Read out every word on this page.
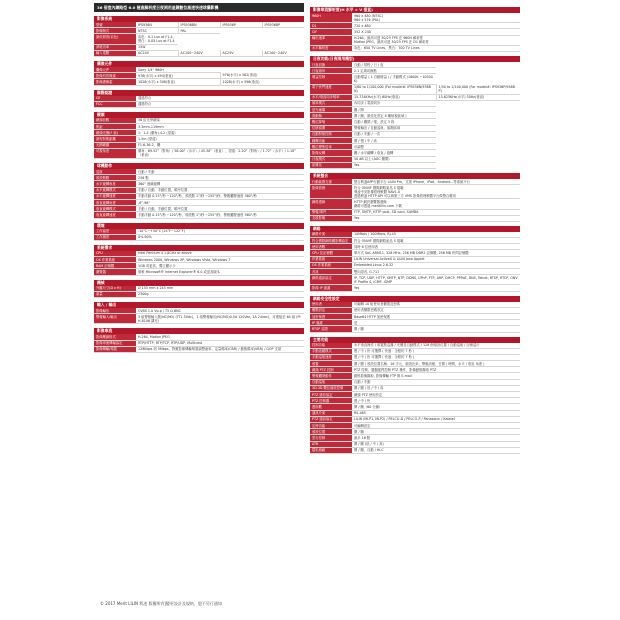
36 倍室內網路型 6.0 極高解析度日夜兩用星鏡數位高速快速球攝影機
影像系統
型號	IPS936N	IPS936BN	IPS936P	IPS936BP
影像制式	NTSC	PAL		
最低照度(彩色)	彩色：0.1 Lux at F1.4，黑白：0.05 Lux at F1.4			
消耗功率	15W			
輸入電壓	AC24V	AC100~240V	AC24V	AC100~240V
攝像元件
攝像元件	Sony 1/4" 960H	
影像有效像素	976(水平) x 494(垂直)	976(水平) x 582(垂直)
影像總像素	1028(水平) x 508(垂直)	1028(水平) x 596(垂直)
國際認證
CE	通過符合
FCC	通過符合
鏡頭
鏡頭倍數	36 倍光學鏡頭
焦距	3.3mm-119mm
鏡頭光圈(F 值)	1：1.4 (廣角)-4.2 (望遠)
最短對焦距離	1.5m (望遠)
光圈範圍	F1.6-36.2，關
可視角度	廣角：69.52°（對角）/ 58.00°（水平）/ 45.30°（垂直），望遠：2.20°（對角）/ 1.72°（水平）/ 1.18°（垂直）
球機動作
巡航	自動 / 手動
預設點數	256 點
水平旋轉角度	360° 連續旋轉
水平旋轉模式	手動 / 自動，手動位置，順序位置
水平旋轉速度	手動手動 0.15°/秒 ~120°/秒，預設點 1°/秒 ~255°/秒，警報觸發速度 360°/秒
垂直旋轉角度	-6°-96°
垂直旋轉模式	手動 / 自動，手動位置，順序位置
垂直旋轉速度	手動手動 0.15°/秒 ~120°/秒，預設點 1°/秒 ~255°/秒，警報觸發速度 360°/秒
環境
工作溫度	-10°C~+50°C (14°F~122°F)
工作濕度	0%-90%
系統需求
CPU	Intel Pentium 4 1.8GHz or above
OS 作業系統	Windows 2000, Windows XP, Windows Vista, Windows 7
RAM 記憶體	1GB 或更高，獨立顯示卡
瀏覽器	微軟 Microsoft® Internet Explorer® 6.0 或更高版本
機械
外觀尺寸(D x H)	Ø 155 mm x 245 mm
重量	2300g
輸入 / 輸出
影像輸出	CVBS 1.0 Vp-p / 75 Ω BNC
警報輸入/輸出	3 組警報輸入點(NC/NO) (TTL 5Vdc)，1 組警報輸出(NC/NO)0.5A 120Vac, 1A 24vac)，可連接至 64 組 (PIH-8106 擴充)
影像串流
影像壓縮格式	H.264, Motion JPEG
影像串流傳輸協定	RTP/HTTP, RTP/TCP, RTP/UDP, Multicast
影像傳輸/頻寬	128Kbps 到 5Mbps，對應影像傳輸頻寬調整流率，定量碼率(CBR) / 動態碼率(VBR) / GOP 支援
影像串流解析度(H 水平 × V 垂直)
960H	960 x 480 (NTSC)
960 x 576 (PAL)
D1	720 x 480
CIF	352 X 240
輸出速率	H.264，最高可達 30/25 FPS 在 960H 解析度
Motion JPEG，最高可達 30/25 FPS 在 D1 解析度
水平解析度	彩色：650 TV Lines，黑白：700 TV Lines
日夜功能(日夜兩用機型)
日夜切換	自動 / 排程 / 日 / 夜	
日夜兩用	2.1 定義切換點	
增益控制	自動增益 ( 1 自動增益 ) / 手動模式 (1800K ~10500K)	
電子快門速度	1/60 to 1/100,000 (For model#: IPS936N/936BN)	1/50 to 1/100,000 (For model#: IPS936P/936BP)
水平/垂直同步頻率	15.734KHz(水平) 60Hz(垂直)	15.625KHz(水平) 50Hz(垂直)
傾斜模式	內同步 / 電源同步	
逆光補償	關 / 開	
寬動態	開 / 關，最佳化設定 8 種檢視區域 )	
數位降噪	自動 / 關閉 / 強，設定 3 段	
位移偵測	警報輸出 / 自動巡航，偵測區域	
自動對焦控制	自動 / 手動 / 一次	
翻轉功能	開 / 慢 / 中 / 高	
數位變焦倍率	可調整	
影像反轉	關 / 水平翻轉 / 垂直 / 旋轉	
日夜模式	50 dB 以上 (AGC 關閉)	
訊雜比	Yes	
系統整合
行動裝置支援	整合利凌APP行動平台 LILIN Pro，支援 iPhone、iPad、Android...等系統平台
影像管理	符合 ONVIF 國際網路產品 S 規範
利凌中央影像管理軟體 NAV1.0
透過利凌 HTTP API 可以與第三方 VMS 影像管理軟體平台做整合應用
網路連線	HTTP 網頁瀏覽器連線
網路可透過 meritlilin.com 下載
警報/事件	FTP, SMTP, HTTP post, SD card, SAMBA
支援影像	Yes
網路
網路介面	10Mbps / 100Mbps, RJ-45
符合國際網路攝影機協定	符合 ONVIF 國際網路產品 S 規範
使用者數	同時 8 位使用者
CPU 及記憶體	單片式 SoC ARM11, 528 MHz, 256 MB DDR2 記憶體, 256 MB 快閃記憶體
作業系統	LILIN Universal ActiveX & LILIN Java Applet
OS 作業系統	Embedded Linux 2.6.32
音訊	雙向語音, G.711
網路通訊協定	IP, TCP, UDP, HTTP, SMTP, NTP, DDNS, UPnP, FTP, ARP, DHCP, PPPoE, DNS, Telnet, RTSP, RTCP, ONVIF Profile S, ICMP, IGMP
影像 IP 過濾	Yes
網路安全性設定
使用者	可編輯 10 組使用者權限及密碼
權限設定	使用者權限密碼設定
加密保護	Base64 HTTP 加密保護
IP 過濾	是
RTSP 認證	開 / 關
主要功能
控制功能	水平垂直操作 / 預置點巡邏 / 光圈及自動模式 / 128 個預設位置 / 自動巡航 / 記憶巡行
手動追蹤模式	慢 / 中 / 快 可選擇 ( 快速：全程約 7 秒 )
手動巡航速度	慢 / 中 / 快 可選擇 ( 快速：全程約 7 秒 )
預置	開 / 關 ( 預設位置名稱：16 字元，縮放比率，警報訊號，日期 / 時間，水平 / 垂直 角度 )
鏡頭 PTZ 控制	PTZ 控制，鍵盤搖桿控制 PTZ 操作，影像動態擷取 PTZ
警報觸發動作	動態影像擷取, 影像傳輸 FTP 與 E-mail
自動巡航	自動 / 手動
3D-3D 數位縮放控制	開 / 關 / 低 / 中 / 高
PTZ 通信協定	鏡頭 PTZ 使用設定
PTZ 控制器	慢 / 中 / 快
畫面數	開 / 關（60 分鐘）
通訊介面	RS-485
PTZ 通訊協定	LILIN (MLP1, MLP2) / PELCO-D / PELCO-P / Panasonic / Kalatel
定時功能	可編輯設定
預設位置	開 / 關
雲台控制	最多 16 點
ATR	開 / 關 (低 / 中 / 高)
隱私遮蔽	開 / 關，自動 / HLC
© 2017 Merit LILIN 利凌 版權所有|變更設計及規格，恕不另行通知
